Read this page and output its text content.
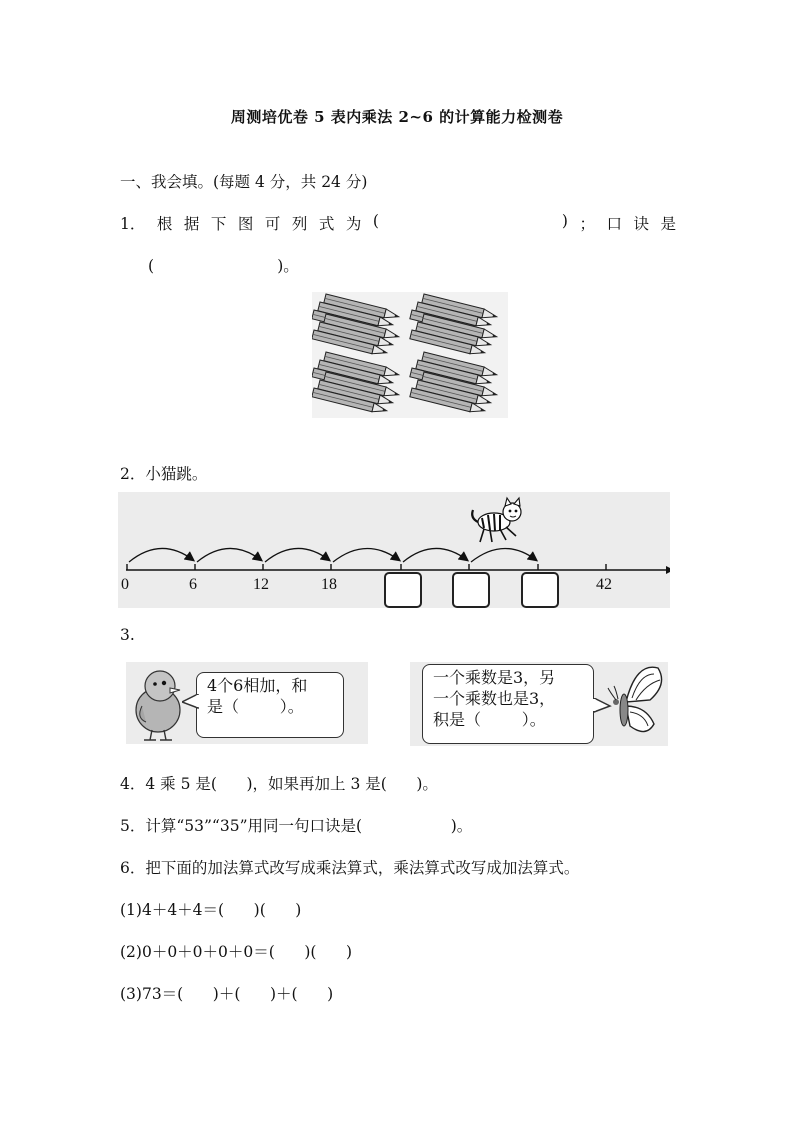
周测培优卷 5 表内乘法 2~6 的计算能力检测卷
一、我会填。(每题 4 分，共 24 分)
1． 根 据 下 图 可 列 式 为 (	) ； 口 诀 是
(                         )。
2．小猫跳。
0	6	12	18	42
3.
4个6相加，和
是（        ）。
一个乘数是3，另
一个乘数也是3，
积是（        ）。
4．4 乘 5 是(      )，如果再加上 3 是(      )。
5．计算“53”“35”用同一句口诀是(                  )。
6．把下面的加法算式改写成乘法算式，乘法算式改写成加法算式。
(1)4＋4＋4＝(      )(      )
(2)0＋0＋0＋0＋0＝(      )(      )
(3)73＝(      )＋(      )＋(      )
